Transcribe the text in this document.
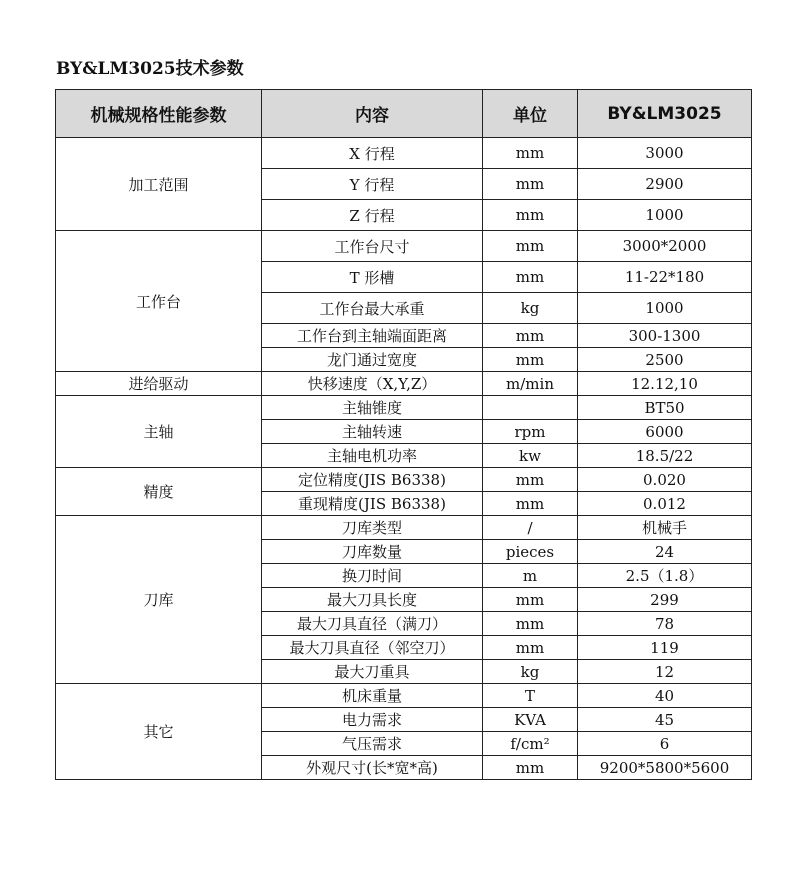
BY&LM3025技术参数
机械规格性能参数	内容	单位	BY&LM3025
加工范围	X 行程	mm	3000
	Y 行程	mm	2900
	Z 行程	mm	1000
工作台	工作台尺寸	mm	3000*2000
	T 形槽	mm	11-22*180
	工作台最大承重	kg	1000
	工作台到主轴端面距离	mm	300-1300
	龙门通过宽度	mm	2500
进给驱动	快移速度（X,Y,Z）	m/min	12.12,10
主轴	主轴锥度		BT50
	主轴转速	rpm	6000
	主轴电机功率	kw	18.5/22
精度	定位精度(JIS B6338)	mm	0.020
	重现精度(JIS B6338)	mm	0.012
刀库	刀库类型	/	机械手
	刀库数量	pieces	24
	换刀时间	m	2.5（1.8）
	最大刀具长度	mm	299
	最大刀具直径（满刀）	mm	78
	最大刀具直径（邻空刀）	mm	119
	最大刀重具	kg	12
其它	机床重量	T	40
	电力需求	KVA	45
	气压需求	f/cm²	6
	外观尺寸(长*宽*高)	mm	9200*5800*5600
